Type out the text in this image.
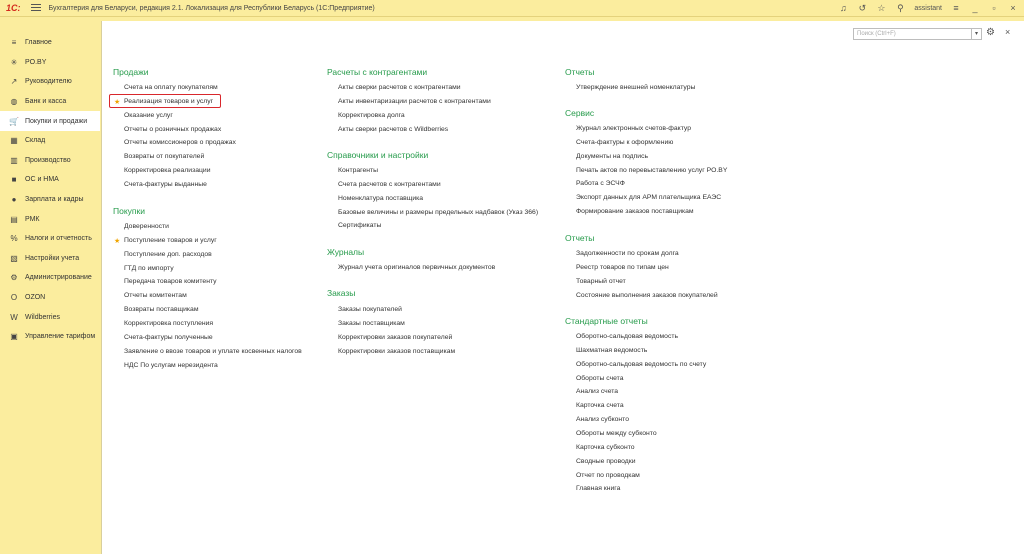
1С:	Бухгалтерия для Беларуси, редакция 2.1. Локализация для Республики Беларусь (1С:Предприятие)	♫ ↺ ☆ ⚲ assistant ≡ _	▫	×
≡	Главное
✳ PO.BY
↗ Руководителю
◍ Банк и касса
🛒 Покупки и продажи
▦ Склад
▥ Производство
■	ОС и НМА
●	Зарплата и кадры
▤ РМК
% Налоги и отчетность
▧ Настройки учета
⚙ Администрирование
O OZON
W Wildberries
▣ Управление тарифом
Поиск (Ctrl+F)	▾ ⚙ ×
Продажи
Счета на оплату покупателям
Реализация товаров и услуг
Оказание услуг
Отчеты о розничных продажах
Отчеты комиссионеров о продажах
Возвраты от покупателей
Корректировка реализации
Счета-фактуры выданные
Покупки
Доверенности
Поступление товаров и услуг
Поступление доп. расходов
ГТД по импорту
Передача товаров комитенту
Отчеты комитентам
Возвраты поставщикам
Корректировка поступления
Счета-фактуры полученные
Заявление о ввозе товаров и уплате косвенных налогов
НДС По услугам нерезидента
Расчеты с контрагентами
Акты сверки расчетов с контрагентами
Акты инвентаризации расчетов с контрагентами
Корректировка долга
Акты сверки расчетов с Wildberries
Справочники и настройки
Контрагенты
Счета расчетов с контрагентами
Номенклатура поставщика
Базовые величины и размеры предельных надбавок (Указ 366)
Сертификаты
Журналы
Журнал учета оригиналов первичных документов
Заказы
Заказы покупателей
Заказы поставщикам
Корректировки заказов покупателей
Корректировки заказов поставщикам
Отчеты
Утверждение внешней номенклатуры
Сервис
Журнал электронных счетов-фактур
Счета-фактуры к оформлению
Документы на подпись
Печать актов по перевыставлению услуг PO.BY
Работа с ЭСЧФ
Экспорт данных для АРМ плательщика ЕАЭС
Формирование заказов поставщикам
Отчеты
Задолженности по срокам долга
Реестр товаров по типам цен
Товарный отчет
Состояние выполнения заказов покупателей
Стандартные отчеты
Оборотно-сальдовая ведомость
Шахматная ведомость
Оборотно-сальдовая ведомость по счету
Обороты счета
Анализ счета
Карточка счета
Анализ субконто
Обороты между субконто
Карточка субконто
Сводные проводки
Отчет по проводкам
Главная книга
★
★
